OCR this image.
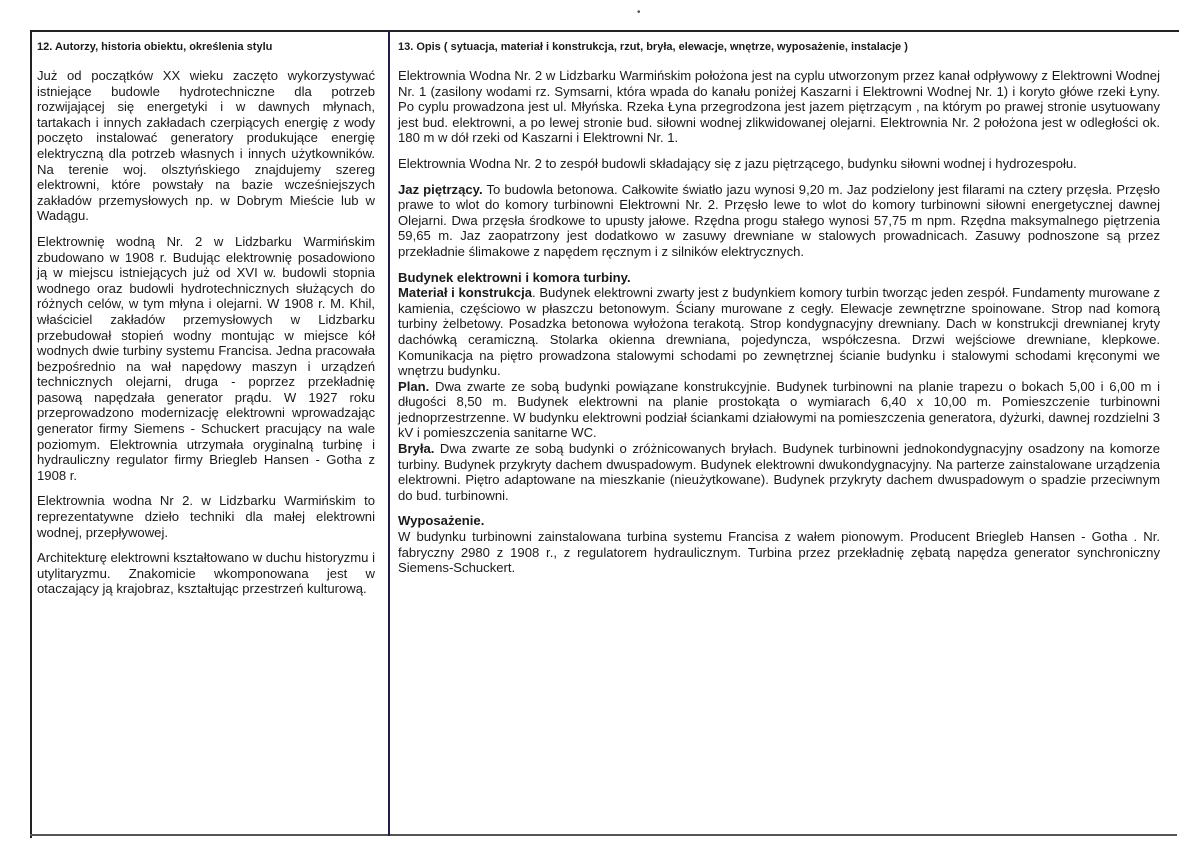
•
12. Autorzy, historia obiektu, określenia stylu

Już od początków XX wieku zaczęto wykorzystywać istniejące budowle hydrotechniczne dla potrzeb rozwijającej się energetyki i w dawnych młynach, tartakach i innych zakładach czerpiących energię z wody poczęto instalować generatory produkujące energię elektryczną dla potrzeb własnych i innych użytkowników. Na terenie woj. olsztyńskiego znajdujemy szereg elektrowni, które powstały na bazie wcześniejszych zakładów przemysłowych np. w Dobrym Mieście lub w Wadągu.

Elektrownię wodną Nr. 2 w Lidzbarku Warmińskim zbudowano w 1908 r. Budując elektrownię posadowiono ją w miejscu istniejących już od XVI w. budowli stopnia wodnego oraz budowli hydrotechnicznych służących do różnych celów, w tym młyna i olejarni. W 1908 r. M. Khil, właściciel zakładów przemysłowych w Lidzbarku przebudował stopień wodny montując w miejsce kół wodnych dwie turbiny systemu Francisa. Jedna pracowała bezpośrednio na wał napędowy maszyn i urządzeń technicznych olejarni, druga - poprzez przekładnię pasową napędzała generator prądu. W 1927 roku przeprowadzono modernizację elektrowni wprowadzając generator firmy Siemens - Schuckert pracujący na wale poziomym. Elektrownia utrzymała oryginalną turbinę i hydrauliczny regulator firmy Briegleb Hansen - Gotha z 1908 r.

Elektrownia wodna Nr 2. w Lidzbarku Warmińskim to reprezentatywne dzieło techniki dla małej elektrowni wodnej, przepływowej.

Architekturę elektrowni kształtowano w duchu historyzmu i utylitaryzmu. Znakomicie wkomponowana jest w otaczający ją krajobraz, kształtując przestrzeń kulturową.

13. Opis ( sytuacja, materiał i konstrukcja, rzut, bryła, elewacje, wnętrze, wyposażenie, instalacje )

Elektrownia Wodna Nr. 2 w Lidzbarku Warmińskim położona jest na cyplu utworzonym przez kanał odpływowy z Elektrowni Wodnej Nr. 1 (zasilony wodami rz. Symsarni, która wpada do kanału poniżej Kaszarni i Elektrowni Wodnej Nr. 1) i koryto główe rzeki Łyny. Po cyplu prowadzona jest ul. Młyńska. Rzeka Łyna przegrodzona jest jazem piętrzącym , na którym po prawej stronie usytuowany jest bud. elektrowni, a po lewej stronie bud. siłowni wodnej zlikwidowanej olejarni. Elektrownia Nr. 2 położona jest w odległości ok. 180 m w dół rzeki od Kaszarni i Elektrowni Nr. 1.

Elektrownia Wodna Nr. 2 to zespół budowli składający się z jazu piętrzącego, budynku siłowni wodnej i hydrozespołu.

Jaz piętrzący. To budowla betonowa. Całkowite światło jazu wynosi 9,20 m. Jaz podzielony jest filarami na cztery przęsła. Przęsło prawe to wlot do komory turbinowni Elektrowni Nr. 2. Przęsło lewe to wlot do komory turbinowni siłowni energetycznej dawnej Olejarni. Dwa przęsła środkowe to upusty jałowe. Rzędna progu stałego wynosi 57,75 m npm. Rzędna maksymalnego piętrzenia 59,65 m. Jaz zaopatrzony jest dodatkowo w zasuwy drewniane w stalowych prowadnicach. Zasuwy podnoszone są przez przekładnie ślimakowe z napędem ręcznym i z silników elektrycznych.

Budynek elektrowni i komora turbiny.
Materiał i konstrukcja. Budynek elektrowni zwarty jest z budynkiem komory turbin tworząc jeden zespół. Fundamenty murowane z kamienia, częściowo w płaszczu betonowym. Ściany murowane z cegły. Elewacje zewnętrzne spoinowane. Strop nad komorą turbiny żelbetowy. Posadzka betonowa wyłożona terakotą. Strop kondygnacyjny drewniany. Dach w konstrukcji drewnianej kryty dachówką ceramiczną. Stolarka okienna drewniana, pojedyncza, współczesna. Drzwi wejściowe drewniane, klepkowe. Komunikacja na piętro prowadzona stalowymi schodami po zewnętrznej ścianie budynku i stalowymi schodami kręconymi we wnętrzu budynku.
Plan. Dwa zwarte ze sobą budynki powiązane konstrukcyjnie. Budynek turbinowni na planie trapezu o bokach 5,00 i 6,00 m i długości 8,50 m. Budynek elektrowni na planie prostokąta o wymiarach 6,40 x 10,00 m. Pomieszczenie turbinowni jednoprzestrzenne. W budynku elektrowni podział ściankami działowymi na pomieszczenia generatora, dyżurki, dawnej rozdzielni 3 kV i pomieszczenia sanitarne WC.
Bryła. Dwa zwarte ze sobą budynki o zróżnicowanych bryłach. Budynek turbinowni jednokondygnacyjny osadzony na komorze turbiny. Budynek przykryty dachem dwuspadowym. Budynek elektrowni dwukondygnacyjny. Na parterze zainstalowane urządzenia elektrowni. Piętro adaptowane na mieszkanie (nieużytkowane). Budynek przykryty dachem dwuspadowym o spadzie przeciwnym do bud. turbinowni.
Wyposażenie.
W budynku turbinowni zainstalowana turbina systemu Francisa z wałem pionowym. Producent Briegleb Hansen - Gotha . Nr. fabryczny 2980 z 1908 r., z regulatorem hydraulicznym. Turbina przez przekładnię zębatą napędza generator synchroniczny Siemens-Schuckert.
